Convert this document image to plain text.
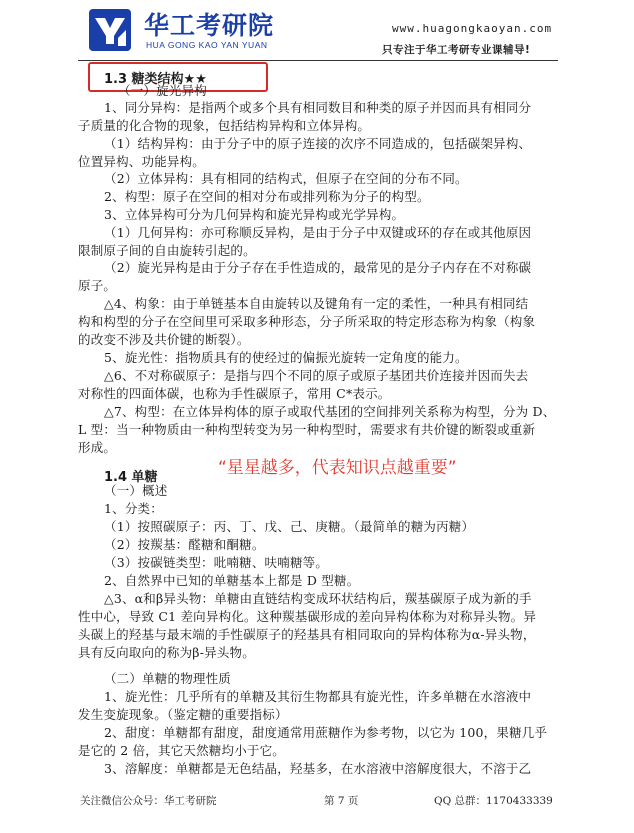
华工考研院
HUA GONG KAO YAN YUAN
www.huagongkaoyan.com
只专注于华工考研专业课辅导!
1.3 糖类结构★★
（一）旋光异构
1、同分异构：是指两个或多个具有相同数目和种类的原子并因而具有相同分
子质量的化合物的现象，包括结构异构和立体异构。
（1）结构异构：由于分子中的原子连接的次序不同造成的，包括碳架异构、
位置异构、功能异构。
（2）立体异构：具有相同的结构式，但原子在空间的分布不同。
2、构型：原子在空间的相对分布或排列称为分子的构型。
3、立体异构可分为几何异构和旋光异构或光学异构。
（1）几何异构：亦可称顺反异构，是由于分子中双键或环的存在或其他原因
限制原子间的自由旋转引起的。
（2）旋光异构是由于分子存在手性造成的，最常见的是分子内存在不对称碳
原子。
△4、构象：由于单链基本自由旋转以及键角有一定的柔性，一种具有相同结
构和构型的分子在空间里可采取多种形态，分子所采取的特定形态称为构象（构象
的改变不涉及共价键的断裂）。
5、旋光性：指物质具有的使经过的偏振光旋转一定角度的能力。
△6、不对称碳原子：是指与四个不同的原子或原子基团共价连接并因而失去
对称性的四面体碳，也称为手性碳原子，常用 C*表示。
△7、构型：在立体异构体的原子或取代基团的空间排列关系称为构型，分为 D、
L 型：当一种物质由一种构型转变为另一种构型时，需要求有共价键的断裂或重新
形成。
1.4 单糖	“星星越多，代表知识点越重要”
（一）概述
1、分类：
（1）按照碳原子：丙、丁、戊、己、庚糖。（最简单的糖为丙糖）
（2）按羰基：醛糖和酮糖。
（3）按碳链类型：吡喃糖、呋喃糖等。
2、自然界中已知的单糖基本上都是 D 型糖。
△3、α和β异头物：单糖由直链结构变成环状结构后，羰基碳原子成为新的手
性中心，导致 C1 差向异构化。这种羰基碳形成的差向异构体称为对称异头物。异
头碳上的羟基与最末端的手性碳原子的羟基具有相同取向的异构体称为α-异头物，
具有反向取向的称为β-异头物。
（二）单糖的物理性质
1、旋光性：几乎所有的单糖及其衍生物都具有旋光性，许多单糖在水溶液中
发生变旋现象。（鉴定糖的重要指标）
2、甜度：单糖都有甜度，甜度通常用蔗糖作为参考物，以它为 100，果糖几乎
是它的 2 倍，其它天然糖均小于它。
3、溶解度：单糖都是无色结晶，羟基多，在水溶液中溶解度很大，不溶于乙
关注微信公众号：华工考研院	第 7 页	QQ 总群：1170433339
